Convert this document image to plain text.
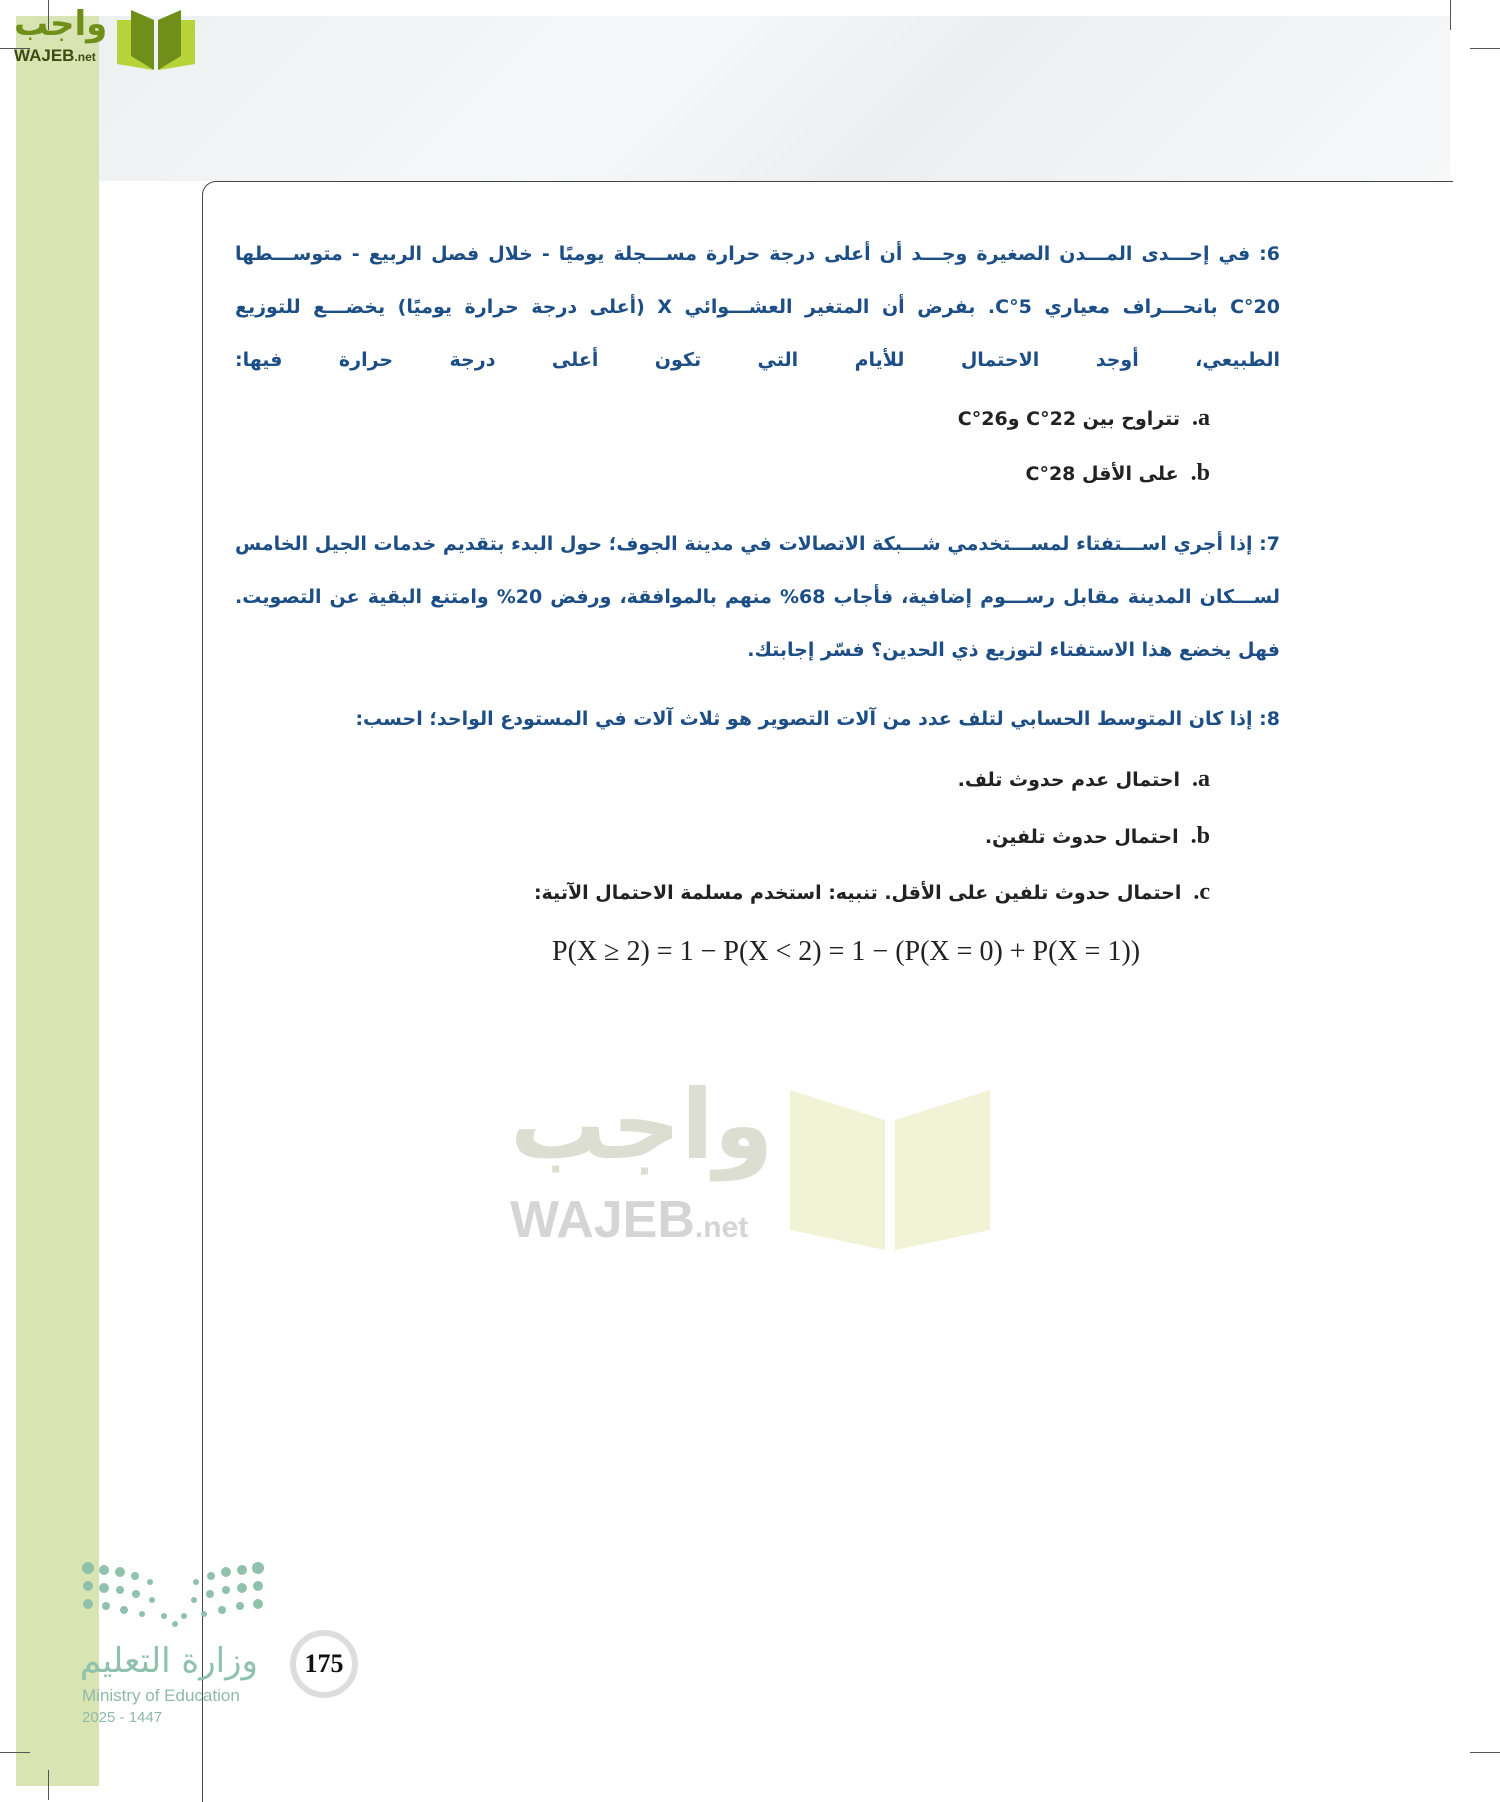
واجب
WAJEB.net
6: في إحـــدى المـــدن الصغيرة وجـــد أن أعلى درجة حرارة مســـجلة يوميًا - خلال فصل الربيع - متوســـطها 20°C بانحـــراف معياري 5°C. بفرض أن المتغير العشـــوائي X (أعلى درجة حرارة يوميًا) يخضـــع للتوزيع الطبيعي، أوجد الاحتمال للأيام التي تكون أعلى درجة حرارة فيها:
a.تتراوح بين 22°C و26°C
b.على الأقل 28°C
7: إذا أجري اســـتفتاء لمســـتخدمي شـــبكة الاتصالات في مدينة الجوف؛ حول البدء بتقديم خدمات الجيل الخامس لســـكان المدينة مقابل رســـوم إضافية، فأجاب 68% منهم بالموافقة، ورفض 20% وامتنع البقية عن التصويت. فهل يخضع هذا الاستفتاء لتوزيع ذي الحدين؟ فسّر إجابتك.
8: إذا كان المتوسط الحسابي لتلف عدد من آلات التصوير هو ثلاث آلات في المستودع الواحد؛ احسب:
a.احتمال عدم حدوث تلف.
b.احتمال حدوث تلفين.
c.احتمال حدوث تلفين على الأقل. تنبيه: استخدم مسلمة الاحتمال الآتية:
P(X ≥ 2) = 1 − P(X < 2) = 1 − (P(X = 0) + P(X = 1))
واجب
WAJEB.net
وزارة التعليم
Ministry of Education
2025 - 1447
175
